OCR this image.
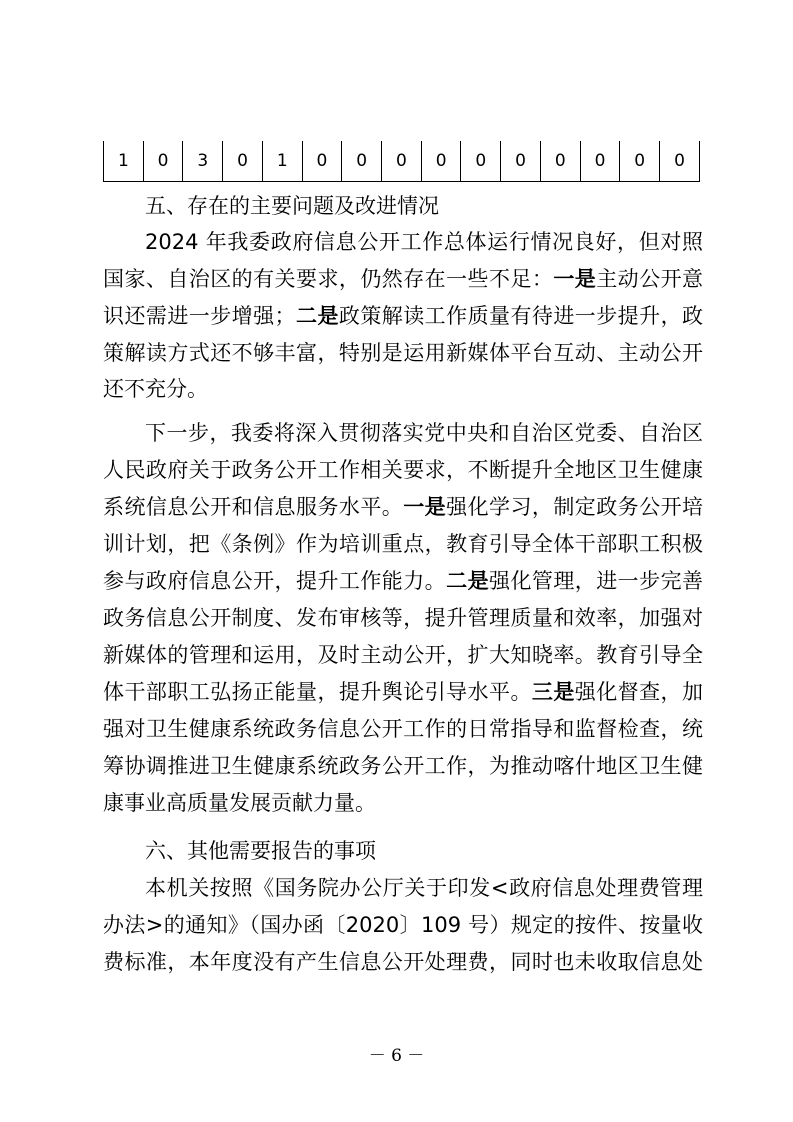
1	0	3	0	1	0	0	0	0	0	0	0	0	0	0
五、存在的主要问题及改进情况
2024 年我委政府信息公开工作总体运行情况良好，但对照
国家、自治区的有关要求，仍然存在一些不足：一是主动公开意
识还需进一步增强；二是政策解读工作质量有待进一步提升，政
策解读方式还不够丰富，特别是运用新媒体平台互动、主动公开
还不充分。
下一步，我委将深入贯彻落实党中央和自治区党委、自治区
人民政府关于政务公开工作相关要求，不断提升全地区卫生健康
系统信息公开和信息服务水平。一是强化学习，制定政务公开培
训计划，把《条例》作为培训重点，教育引导全体干部职工积极
参与政府信息公开，提升工作能力。二是强化管理，进一步完善
政务信息公开制度、发布审核等，提升管理质量和效率，加强对
新媒体的管理和运用，及时主动公开，扩大知晓率。教育引导全
体干部职工弘扬正能量，提升舆论引导水平。三是强化督查，加
强对卫生健康系统政务信息公开工作的日常指导和监督检查，统
筹协调推进卫生健康系统政务公开工作，为推动喀什地区卫生健
康事业高质量发展贡献力量。
六、其他需要报告的事项
本机关按照《国务院办公厅关于印发<政府信息处理费管理
办法>的通知》（国办函〔2020〕109 号）规定的按件、按量收
费标准，本年度没有产生信息公开处理费，同时也未收取信息处
－ 6 －
